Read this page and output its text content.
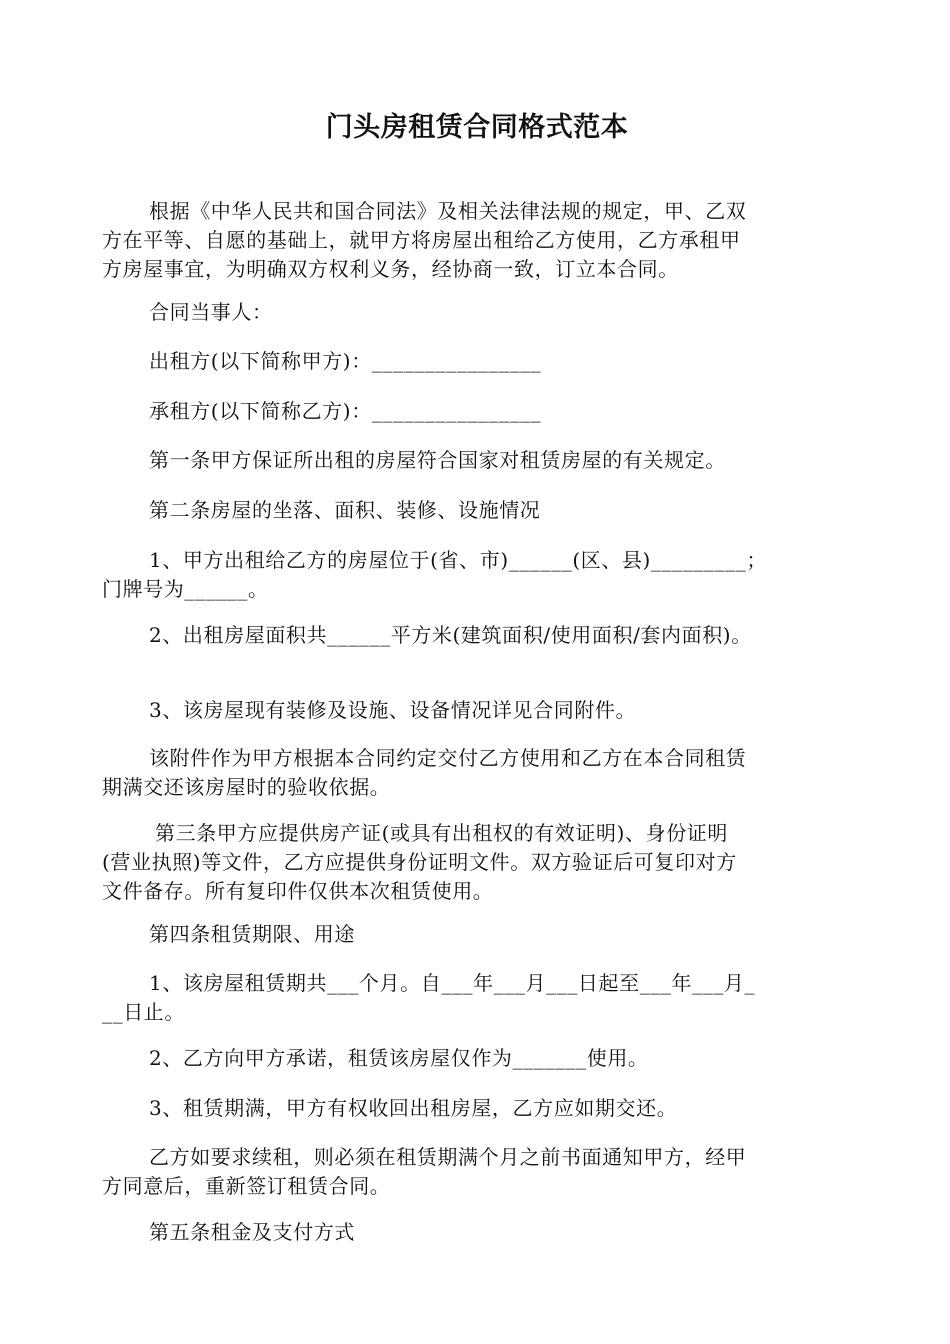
门头房租赁合同格式范本

根据《中华人民共和国合同法》及相关法律法规的规定，甲、乙双
方在平等、自愿的基础上，就甲方将房屋出租给乙方使用，乙方承租甲
方房屋事宜，为明确双方权利义务，经协商一致，订立本合同。

合同当事人：

出租方(以下简称甲方)：________________

承租方(以下简称乙方)：________________

第一条甲方保证所出租的房屋符合国家对租赁房屋的有关规定。

第二条房屋的坐落、面积、装修、设施情况

1、甲方出租给乙方的房屋位于(省、市)______(区、县)_________；
门牌号为______。

2、出租房屋面积共______平方米(建筑面积/使用面积/套内面积)。

3、该房屋现有装修及设施、设备情况详见合同附件。

该附件作为甲方根据本合同约定交付乙方使用和乙方在本合同租赁
期满交还该房屋时的验收依据。

第三条甲方应提供房产证(或具有出租权的有效证明)、身份证明
(营业执照)等文件，乙方应提供身份证明文件。双方验证后可复印对方
文件备存。所有复印件仅供本次租赁使用。

第四条租赁期限、用途

1、该房屋租赁期共___个月。自___年___月___日起至___年___月_
__日止。

2、乙方向甲方承诺，租赁该房屋仅作为_______使用。

3、租赁期满，甲方有权收回出租房屋，乙方应如期交还。

乙方如要求续租，则必须在租赁期满个月之前书面通知甲方，经甲
方同意后，重新签订租赁合同。

第五条租金及支付方式
